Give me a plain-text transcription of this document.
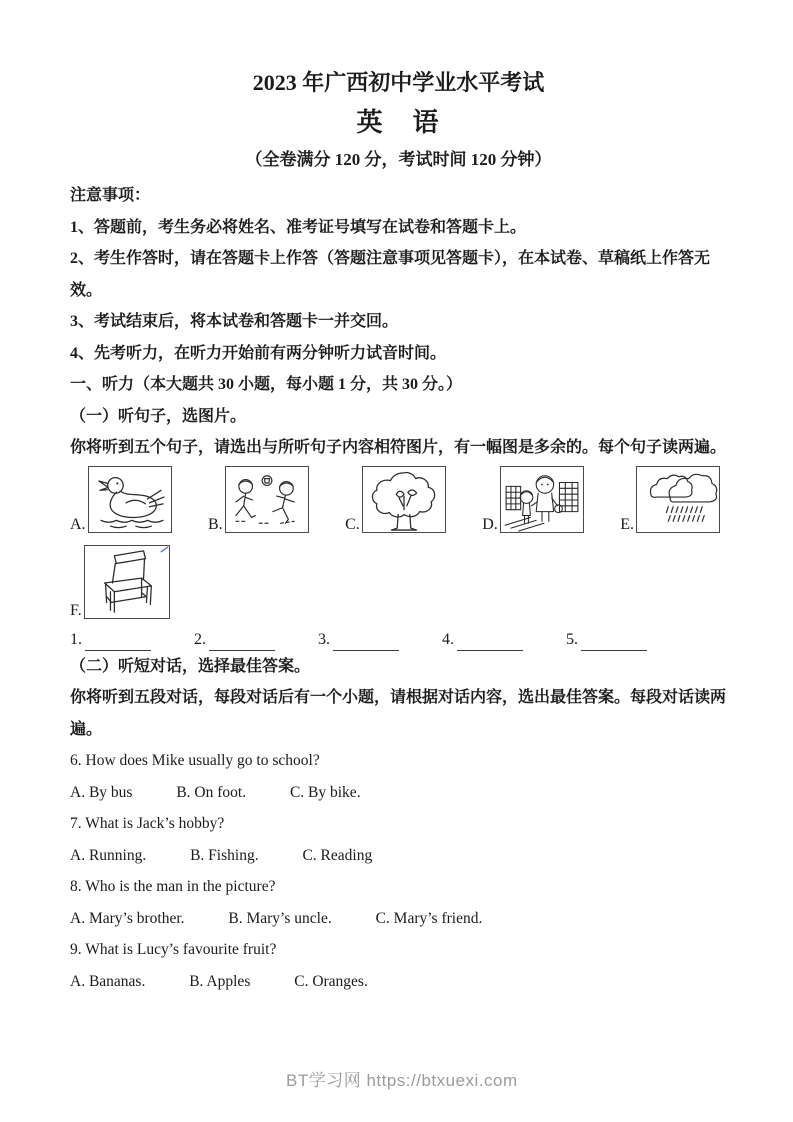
2023 年广西初中学业水平考试

英　语

（全卷满分 120 分，考试时间 120 分钟）

注意事项：

1、答题前，考生务必将姓名、准考证号填写在试卷和答题卡上。

2、考生作答时，请在答题卡上作答（答题注意事项见答题卡），在本试卷、草稿纸上作答无效。

3、考试结束后，将本试卷和答题卡一并交回。

4、先考听力，在听力开始前有两分钟听力试音时间。

一、听力（本大题共 30 小题，每小题 1 分，共 30 分。）

（一）听句子，选图片。

你将听到五个句子，请选出与所听句子内容相符图片，有一幅图是多余的。每个句子读两遍。

A.	B.	C.	D.	E.
F.
1.
	2.
	3.
	4.
	5.

（二）听短对话，选择最佳答案。

你将听到五段对话，每段对话后有一个小题，请根据对话内容，选出最佳答案。每段对话读两遍。

6. How does Mike usually go to school?

A. By bus	B. On foot.	C. By bike.

7. What is Jack’s hobby?

A. Running.	B. Fishing.	C. Reading

8. Who is the man in the picture?

A. Mary’s brother.	B. Mary’s uncle.	C. Mary’s friend.

9. What is Lucy’s favourite fruit?

A. Bananas.	B. Apples	C. Oranges.

BT学习网 https://btxuexi.com
